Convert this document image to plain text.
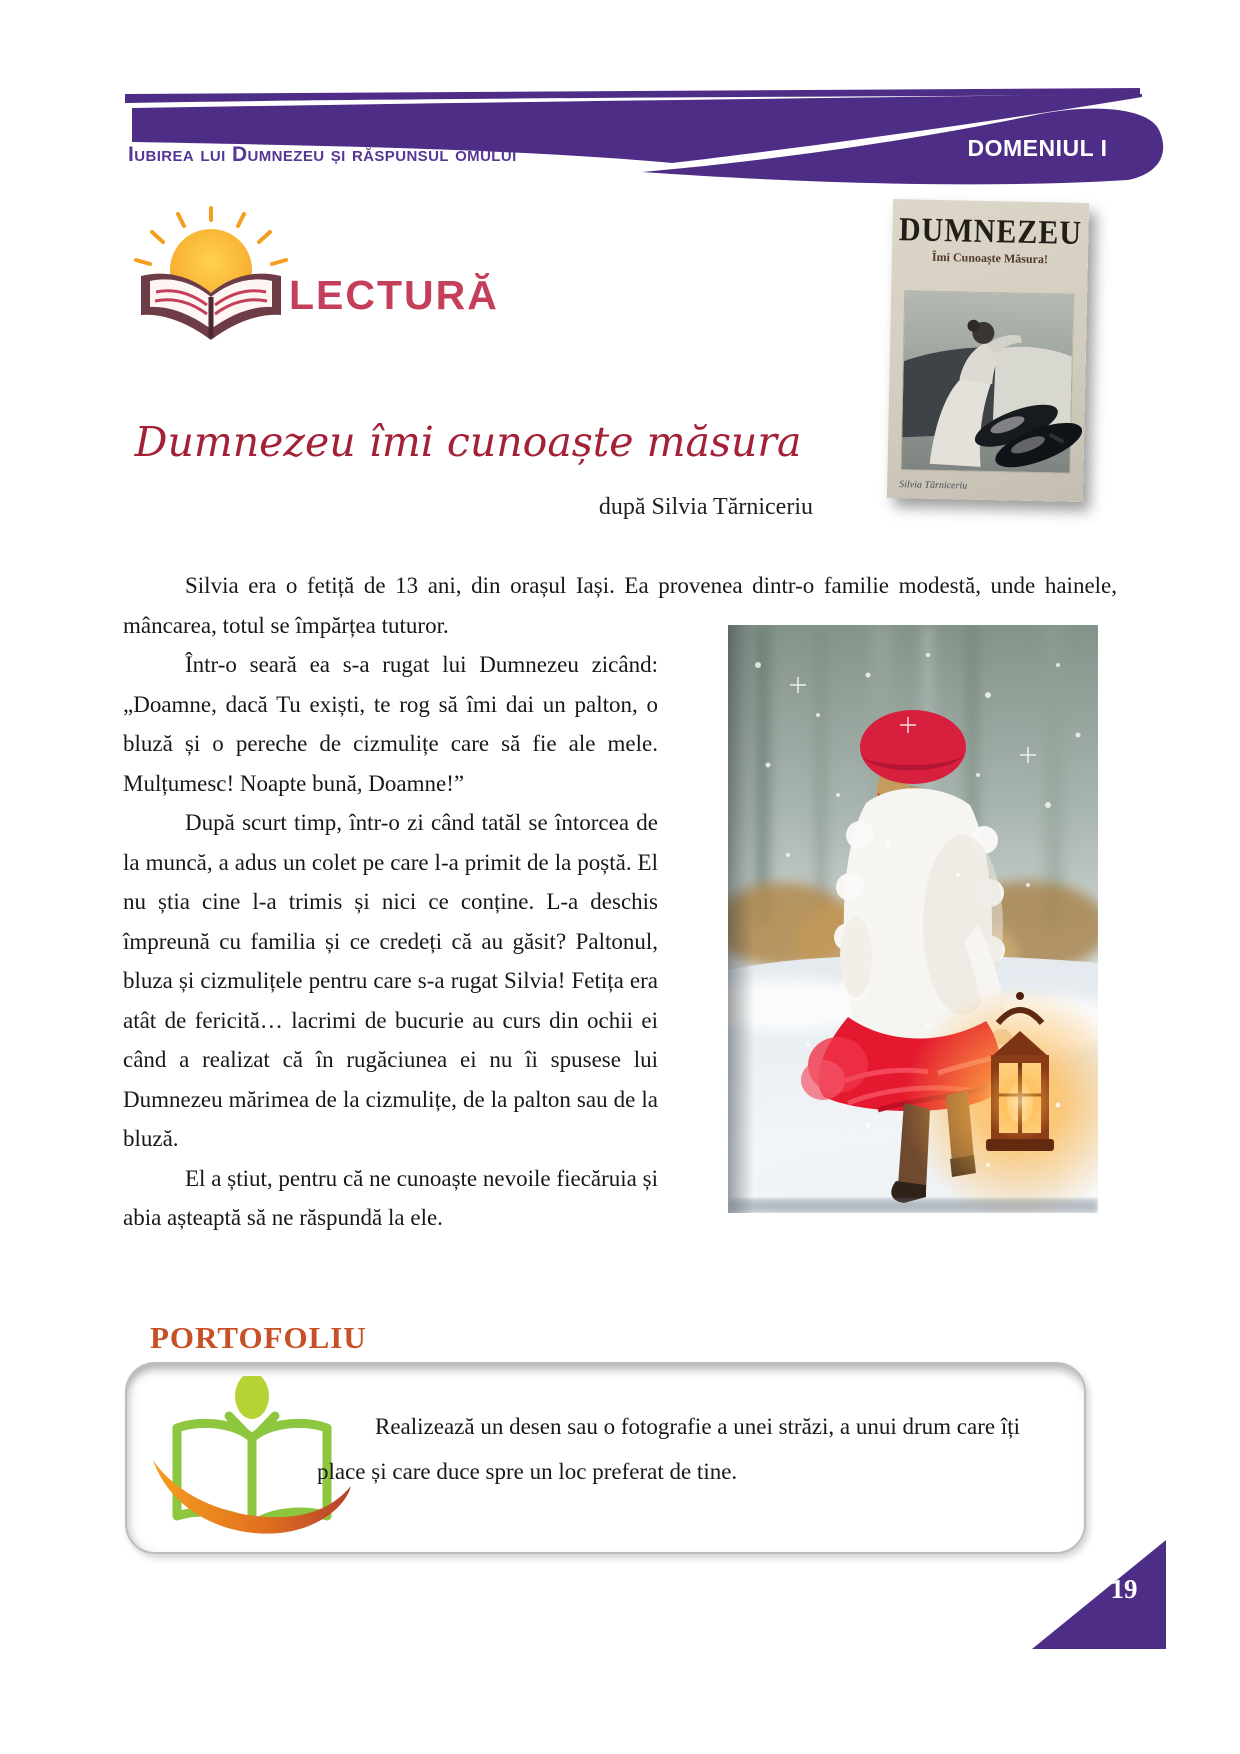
Iubirea lui Dumnezeu și răspunsul omului	DOMENIUL I
LECTURĂ
DUMNEZEU
Îmi Cunoaște Măsura!
Silvia Tărniceriu
Dumnezeu îmi cunoaște măsura
după Silvia Tărniceriu

Silvia era o fetiță de 13 ani, din orașul Iași. Ea provenea dintr-o familie modestă, unde hainele, mâncarea, totul se împărțea tuturor.

Într-o seară ea s-a rugat lui Dumnezeu zicând: „Doamne, dacă Tu exiști, te rog să îmi dai un palton, o bluză și o pereche de cizmulițe care să fie ale mele. Mulțumesc! Noapte bună, Doamne!”

După scurt timp, într-o zi când tatăl se întorcea de la muncă, a adus un colet pe care l-a primit de la poștă. El nu știa cine l-a trimis și nici ce conține. L-a deschis împreună cu familia și ce credeți că au găsit? Paltonul, bluza și cizmulițele pentru care s-a rugat Silvia! Fetița era atât de fericită… lacrimi de bucurie au curs din ochii ei când a realizat că în rugăciunea ei nu îi spusese lui Dumnezeu mărimea de la cizmulițe, de la palton sau de la bluză.

El a știut, pentru că ne cunoaște nevoile fiecăruia și abia așteaptă să ne răspundă la ele.

PORTOFOLIU
Realizează un desen sau o fotografie a unei străzi, a unui drum care îți place și care duce spre un loc preferat de tine.
19
